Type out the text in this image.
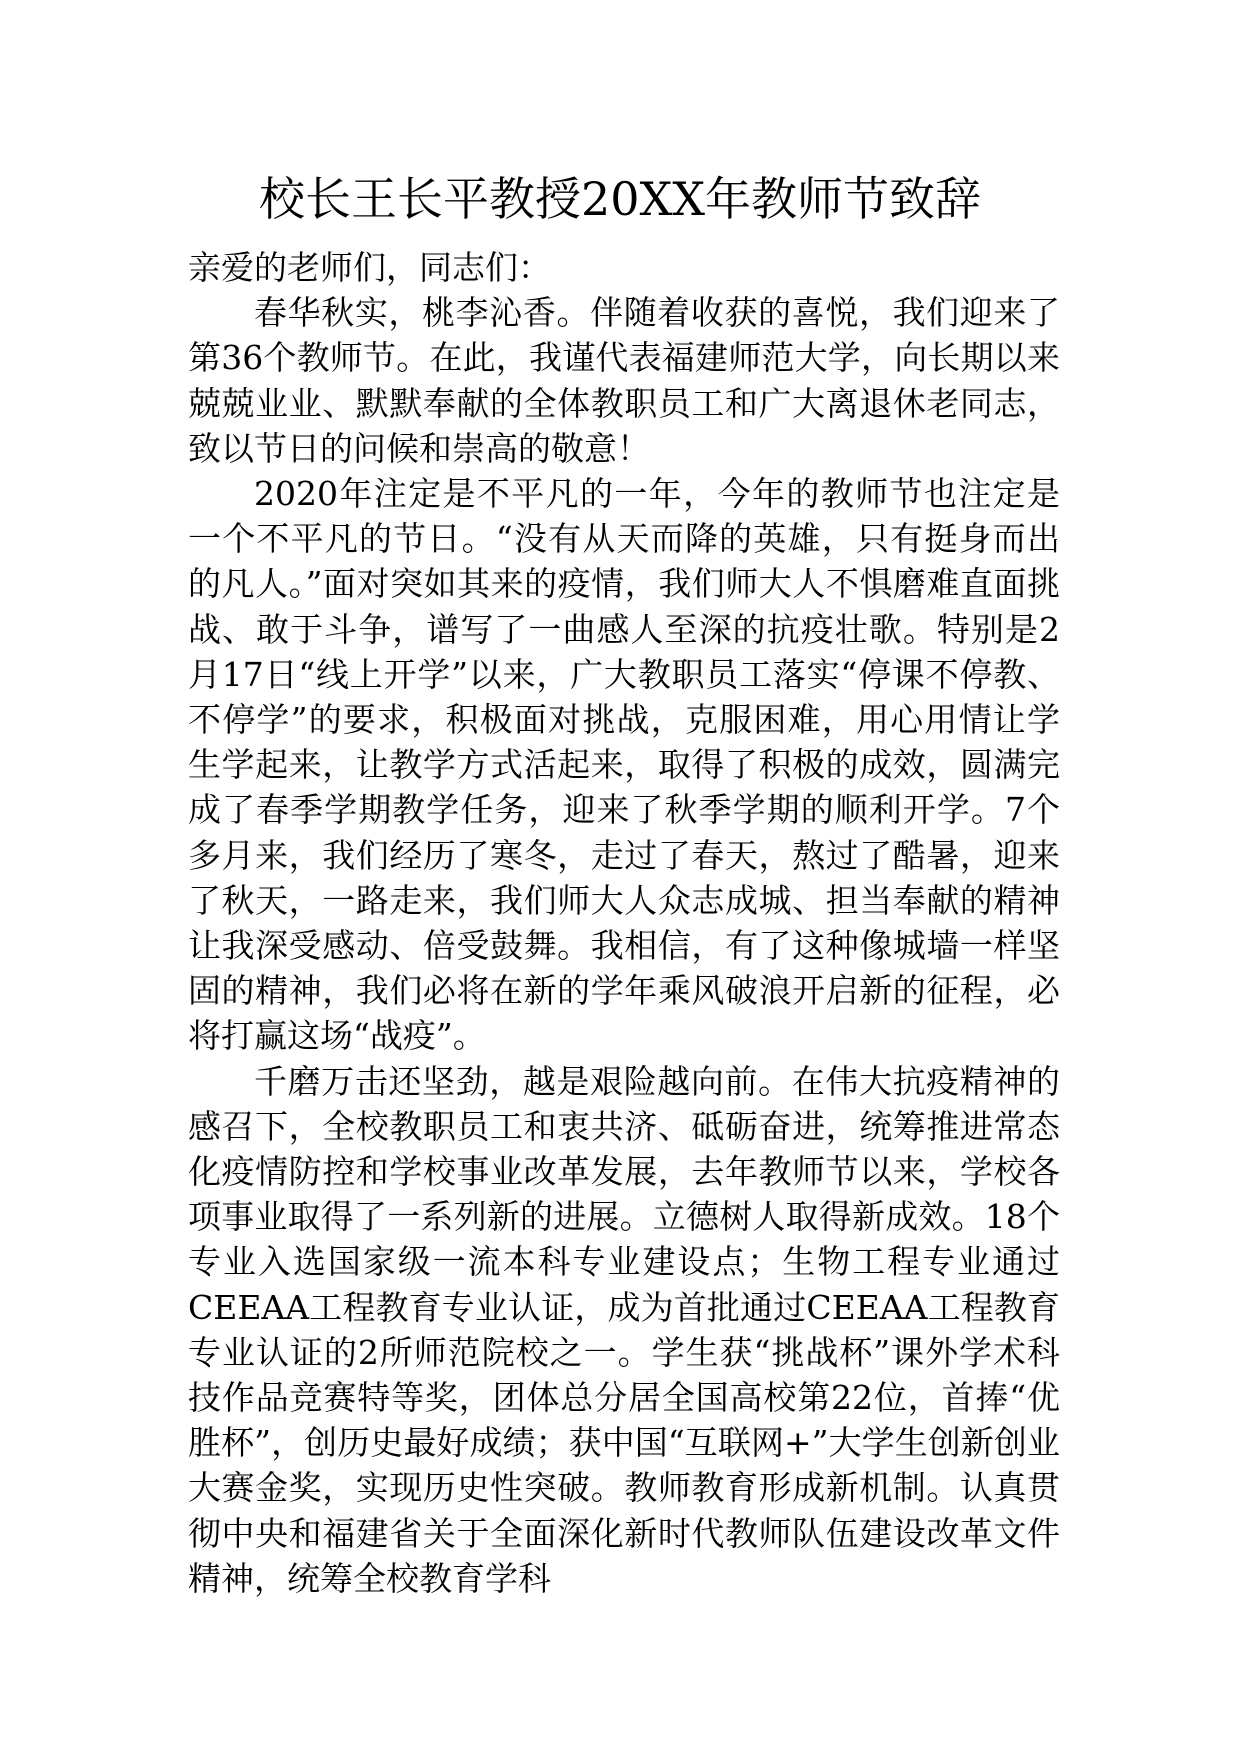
校长王长平教授20XX年教师节致辞

亲爱的老师们，同志们：

春华秋实，桃李沁香。伴随着收获的喜悦，我们迎来了第36个教师节。在此，我谨代表福建师范大学，向长期以来兢兢业业、默默奉献的全体教职员工和广大离退休老同志，致以节日的问候和崇高的敬意！

2020年注定是不平凡的一年，今年的教师节也注定是一个不平凡的节日。“没有从天而降的英雄，只有挺身而出的凡人。”面对突如其来的疫情，我们师大人不惧磨难直面挑战、敢于斗争，谱写了一曲感人至深的抗疫壮歌。特别是2月17日“线上开学”以来，广大教职员工落实“停课不停教、不停学”的要求，积极面对挑战，克服困难，用心用情让学生学起来，让教学方式活起来，取得了积极的成效，圆满完成了春季学期教学任务，迎来了秋季学期的顺利开学。7个多月来，我们经历了寒冬，走过了春天，熬过了酷暑，迎来了秋天，一路走来，我们师大人众志成城、担当奉献的精神让我深受感动、倍受鼓舞。我相信，有了这种像城墙一样坚固的精神，我们必将在新的学年乘风破浪开启新的征程，必将打赢这场“战疫”。

千磨万击还坚劲，越是艰险越向前。在伟大抗疫精神的感召下，全校教职员工和衷共济、砥砺奋进，统筹推进常态化疫情防控和学校事业改革发展，去年教师节以来，学校各项事业取得了一系列新的进展。立德树人取得新成效。18个专业入选国家级一流本科专业建设点；生物工程专业通过CEEAA工程教育专业认证，成为首批通过CEEAA工程教育专业认证的2所师范院校之一。学生获“挑战杯”课外学术科技作品竞赛特等奖，团体总分居全国高校第22位，首捧“优胜杯”，创历史最好成绩；获中国“互联网+”大学生创新创业大赛金奖，实现历史性突破。教师教育形成新机制。认真贯彻中央和福建省关于全面深化新时代教师队伍建设改革文件精神，统筹全校教育学科
